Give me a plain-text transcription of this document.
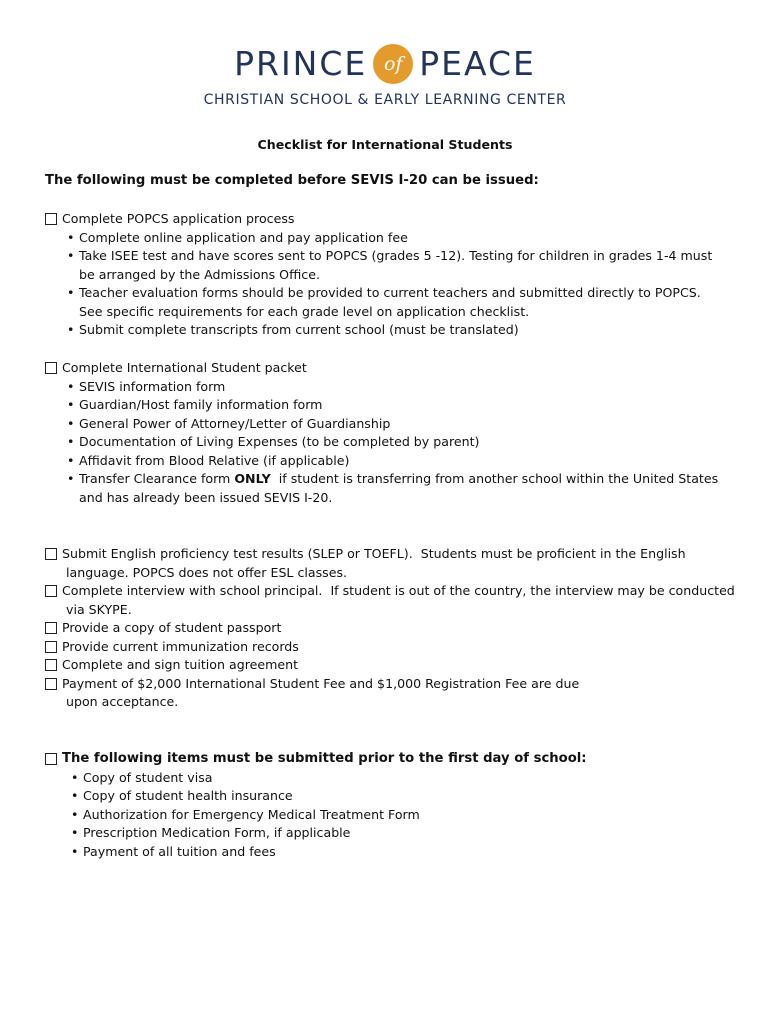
PRINCE of PEACE
CHRISTIAN SCHOOL & EARLY LEARNING CENTER
Checklist for International Students
The following must be completed before SEVIS I-20 can be issued:
Complete POPCS application process
• Complete online application and pay application fee
• Take ISEE test and have scores sent to POPCS (grades 5 -12). Testing for children in grades 1-4 must
be arranged by the Admissions Office.
• Teacher evaluation forms should be provided to current teachers and submitted directly to POPCS.
See specific requirements for each grade level on application checklist.
• Submit complete transcripts from current school (must be translated)
Complete International Student packet
• SEVIS information form
• Guardian/Host family information form
• General Power of Attorney/Letter of Guardianship
• Documentation of Living Expenses (to be completed by parent)
• Affidavit from Blood Relative (if applicable)
• Transfer Clearance form ONLY  if student is transferring from another school within the United States
and has already been issued SEVIS I-20.
Submit English proficiency test results (SLEP or TOEFL).  Students must be proficient in the English
language. POPCS does not offer ESL classes.
Complete interview with school principal.  If student is out of the country, the interview may be conducted
via SKYPE.
Provide a copy of student passport
Provide current immunization records
Complete and sign tuition agreement
Payment of $2,000 International Student Fee and $1,000 Registration Fee are due
upon acceptance.
The following items must be submitted prior to the first day of school:
• Copy of student visa
• Copy of student health insurance
• Authorization for Emergency Medical Treatment Form
• Prescription Medication Form, if applicable
• Payment of all tuition and fees
